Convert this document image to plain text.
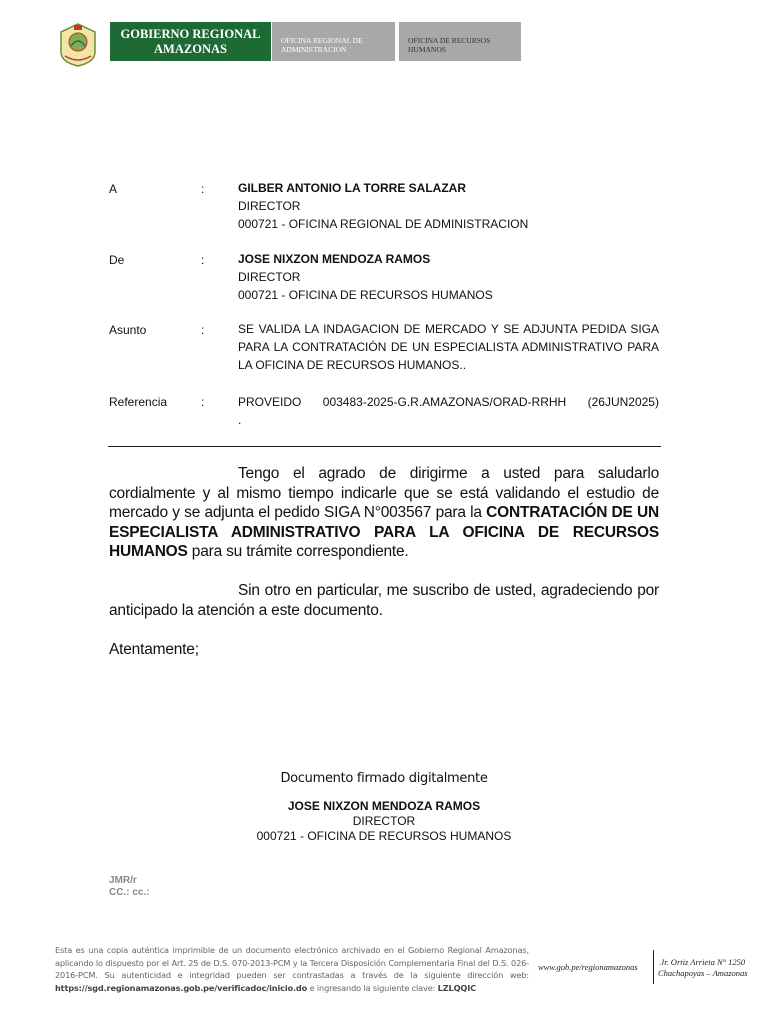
GOBIERNO REGIONAL
AMAZONAS
OFICINA REGIONAL DE ADMINISTRACION
OFICINA DE RECURSOS HUMANOS
A	:	GILBER ANTONIO LA TORRE SALAZAR
DIRECTOR
000721 - OFICINA REGIONAL DE ADMINISTRACION
De	:	JOSE NIXZON MENDOZA RAMOS
DIRECTOR
000721 - OFICINA DE RECURSOS HUMANOS
Asunto	:	SE VALIDA LA INDAGACION DE MERCADO Y SE ADJUNTA PEDIDA SIGA PARA LA CONTRATACIÓN DE UN ESPECIALISTA ADMINISTRATIVO PARA LA OFICINA DE RECURSOS HUMANOS..
Referencia	:	PROVEIDO 003483-2025-G.R.AMAZONAS/ORAD-RRHH (26JUN2025)
.
Tengo el agrado de dirigirme a usted para saludarlo cordialmente y al mismo tiempo indicarle que se está validando el estudio de mercado y se adjunta el pedido SIGA N°003567 para la CONTRATACIÓN DE UN ESPECIALISTA ADMINISTRATIVO PARA LA OFICINA DE RECURSOS HUMANOS para su trámite correspondiente.
Sin otro en particular, me suscribo de usted, agradeciendo por anticipado la atención a este documento.
Atentamente;
Documento firmado digitalmente
JOSE NIXZON MENDOZA RAMOS
DIRECTOR
000721 - OFICINA DE RECURSOS HUMANOS
JMR/r
CC.: cc.:
Esta es una copia auténtica imprimible de un documento electrónico archivado en el Gobierno Regional Amazonas, aplicando lo dispuesto por el Art. 25 de D.S. 070-2013-PCM y la Tercera Disposición Complementaria Final del D.S. 026-2016-PCM. Su autenticidad e integridad pueden ser contrastadas a través de la siguiente dirección web: https://sgd.regionamazonas.gob.pe/verificadoc/inicio.do e ingresando la siguiente clave: LZLQQIC
www.gob.pe/regionamazonas	Jr. Ortiz Arrieta N° 1250
Chachapoyas – Amazonas
